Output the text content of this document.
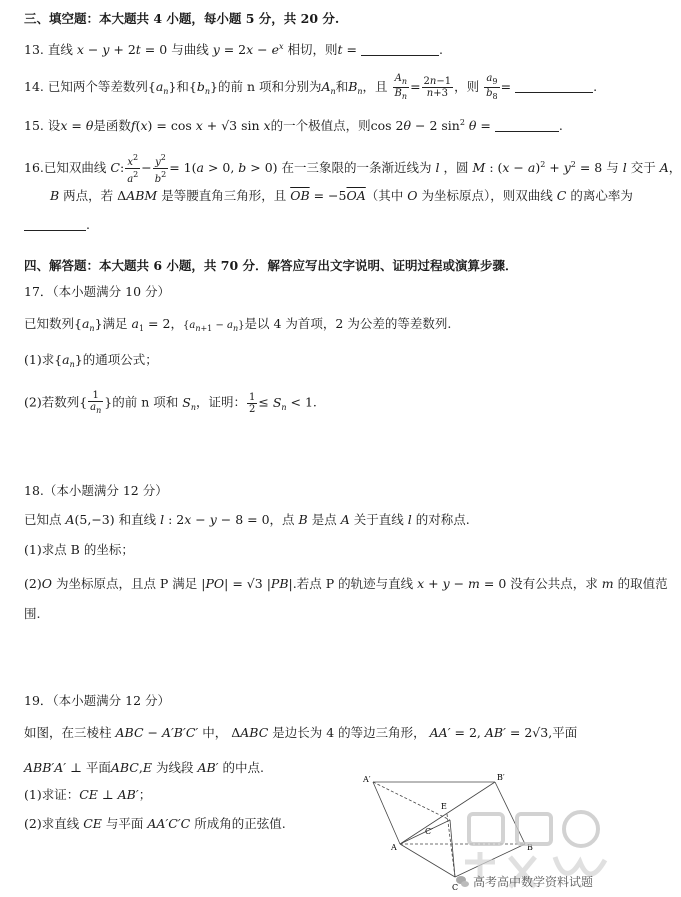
三、填空题：本大题共 4 小题，每小题 5 分，共 20 分.
13. 直线 x − y + 2t = 0 与曲线 $y = 2x - e^x$ 相切，则t =	.
14. 已知两个等差数列$\{a_n\}$和$\{b_n\}$的前 n 项和分别为$A_n$和$B_n$，且 $\frac{A_n}{B_n} = \frac{2n-1}{n+3}$ ，则 $\frac{a_9}{b_8}$ =	.
15. 设x = θ是函数f(x) = cos x + √3 sin x的一个极值点，则cos 2θ − 2 $\sin^2 \theta$ =	.
16.已知双曲线 C: $\frac{x^2}{a^2} - \frac{y^2}{b^2} = 1(a > 0$, b > 0) 在一三象限的一条渐近线为 l ，圆 M : $(x - a)^2 + y^2 = 8$ 与 l 交于 A，
B 两点，若 ΔABM 是等腰直角三角形，且 $\overline{OB} = -5\overline{OA}$（其中 O 为坐标原点），则双曲线 C 的离心率为
.
四、解答题：本大题共 6 小题，共 70 分．解答应写出文字说明、证明过程或演算步骤．
17．（本小题满分 10 分）
已知数列$\{a_n\}$满足 $a_1 = 2$，$\{a_{n+1} - a_n\}$是以 4 为首项，2 为公差的等差数列.
(1)求$\{a_n\}$的通项公式；
(2)若数列{ $\frac{1}{a_n}$ }的前 n 项和 $S_n$，证明： $\frac{1}{2} \le S_n < 1$.
18.（本小题满分 12 分）
已知点 A(5,−3) 和直线 l : 2x − y − 8 = 0，点 B 是点 A 关于直线 l 的对称点.
(1)求点 B 的坐标；
(2)O 为坐标原点，且点 P 满足 |PO| = √3 |PB|.若点 P 的轨迹与直线 x + y − m = 0 没有公共点，求 m 的取值范
围.
19．（本小题满分 12 分）
如图，在三棱柱 ABC − A′B′C′ 中， ΔABC 是边长为 4 的等边三角形， AA′ = 2, AB′ = 2√3,平面
ABB′A′ ⊥ 平面ABC,E 为线段 AB′ 的中点.
(1)求证：CE ⊥ AB′；
(2)求直线 CE 与平面 AA′C′C 所成角的正弦值.
A′	B′
E
C′
A	B
C 高考高中数学资料试题
